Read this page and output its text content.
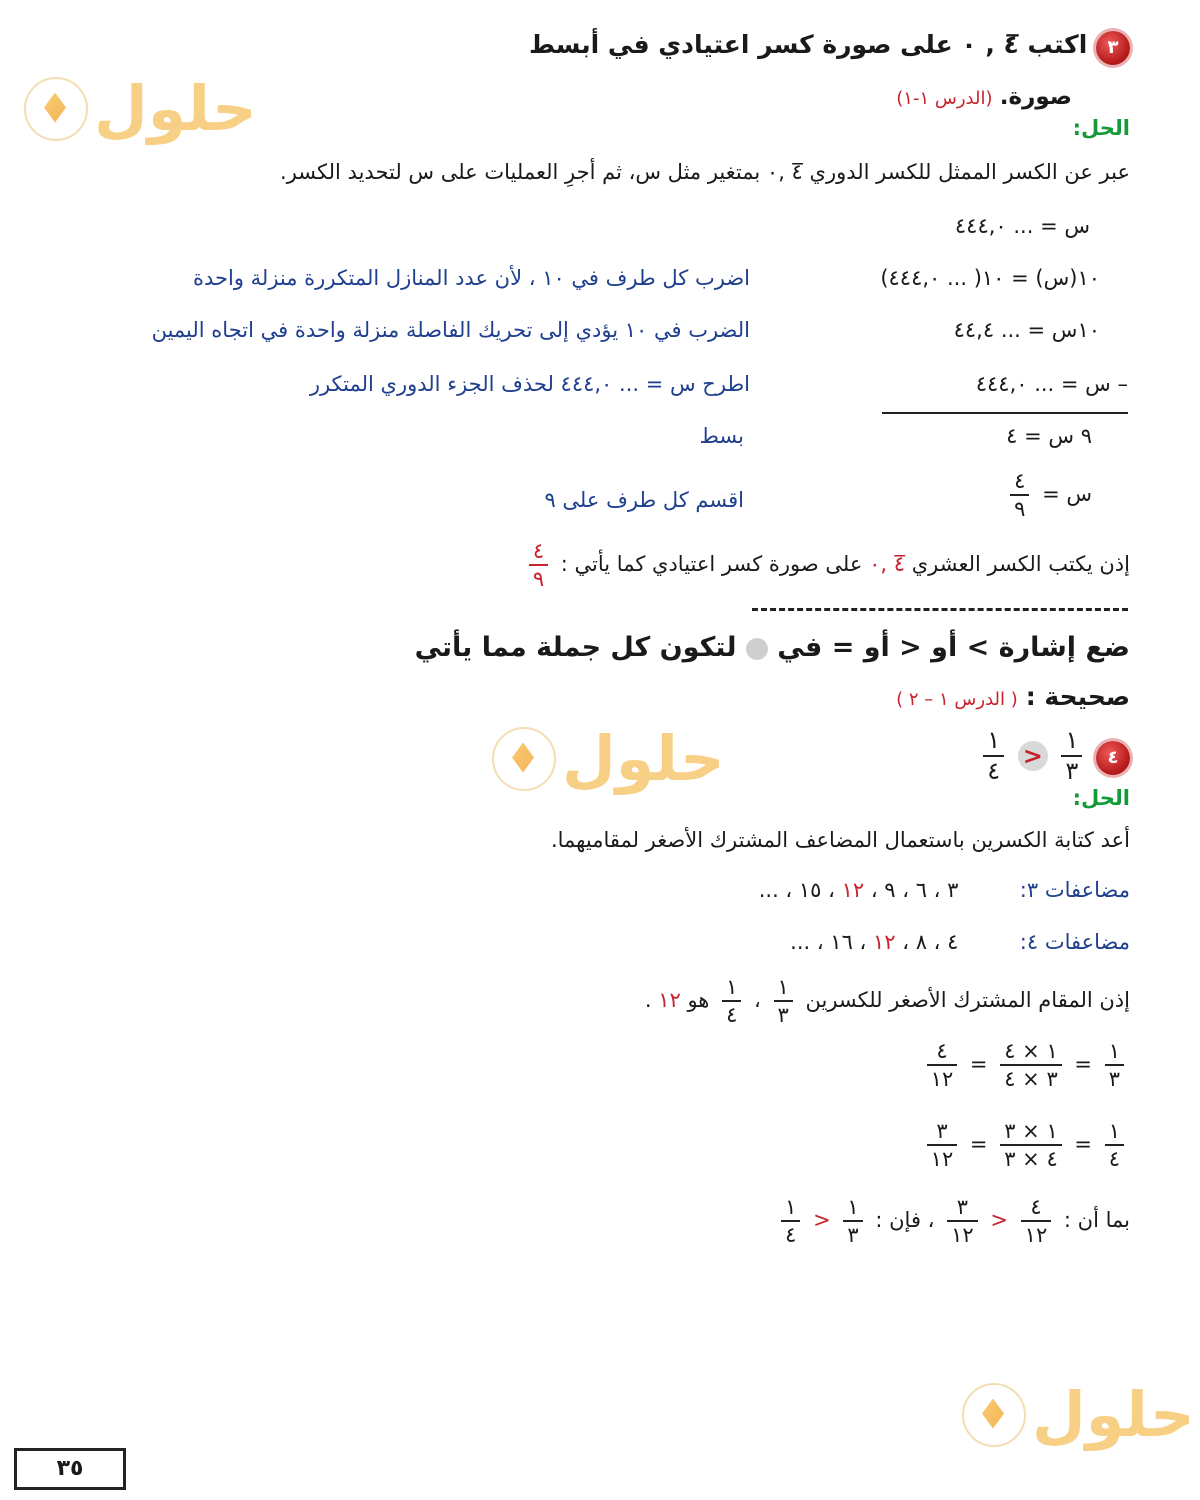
حلول
حلول
حلول
٣ اكتب ٤̅ , ٠ على صورة كسر اعتيادي في أبسط
صورة. (الدرس ١-١)
الحل:
عبر عن الكسر الممثل للكسر الدوري ٤̅ ,٠ بمتغير مثل س، ثم أجرِ العمليات على س لتحديد الكسر.
س = ... ٤٤٤,٠
١٠(س) = ١٠( ... ٤٤٤,٠)
اضرب كل طرف في ١٠ ، لأن عدد المنازل المتكررة منزلة واحدة
١٠س = ... ٤٤,٤
الضرب في ١٠ يؤدي إلى تحريك الفاصلة منزلة واحدة في اتجاه اليمين
– س = ... ٤٤٤,٠
اطرح س = ... ٤٤٤,٠ لحذف الجزء الدوري المتكرر
٩ س = ٤
بسط
س =
$\frac{٤}{٩}$
اقسم كل طرف على ٩
إذن يكتب الكسر العشري ٤̅ ,٠ على صورة كسر اعتيادي كما يأتي :
$\frac{٤}{٩}$
ضع إشارة > أو < أو = في  لتكون كل جملة مما يأتي
صحيحة : ( الدرس ١ – ٢ )
٤
$\frac{١}{٣}$
<
$\frac{١}{٤}$
الحل:
أعد كتابة الكسرين باستعمال المضاعف المشترك الأصغر لمقاميهما.
مضاعفات ٣:  ٣ ، ٦ ، ٩ ، ١٢ ، ١٥ ، ...
مضاعفات ٤:  ٤ ، ٨ ، ١٢ ، ١٦ ، ...
إذن المقام المشترك الأصغر للكسرين
$\frac{١}{٣}$
،
$\frac{١}{٤}$
هو ١٢ .
$\frac{١}{٣}$
=
$\frac{١ \times ٤}{٣ \times ٤}$
=
$\frac{٤}{١٢}$
$\frac{١}{٤}$
=
$\frac{١ \times ٣}{٤ \times ٣}$
=
$\frac{٣}{١٢}$
بما أن :
$\frac{٤}{١٢}$
<
$\frac{٣}{١٢}$
، فإن :
$\frac{١}{٣}$
<
$\frac{١}{٤}$
٣٥
